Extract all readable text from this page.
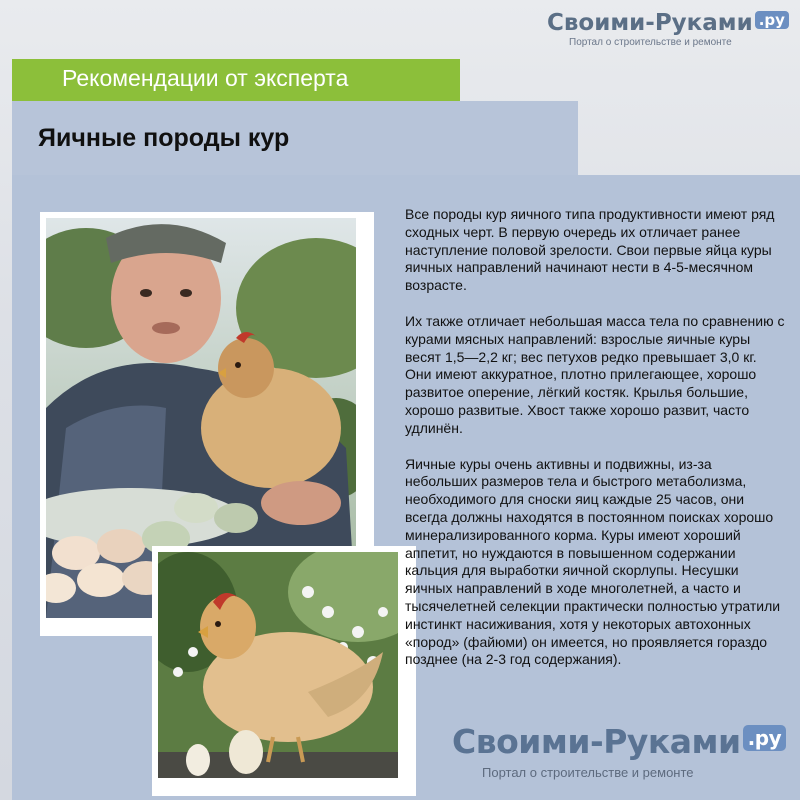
Своими-Руками .ру
Портал о строительстве и ремонте
Рекомендации от эксперта
Яичные породы кур

Все породы кур яичного типа продуктивности имеют ряд сходных черт. В первую очередь их отличает ранее наступление половой зрелости. Свои первые яйца куры яичных направлений начинают нести в 4-5-месячном возрасте.

Их также отличает небольшая масса тела по сравнению с курами мясных направлений: взрослые яичные куры весят 1,5—2,2 кг; вес петухов редко превышает 3,0 кг. Они имеют аккуратное, плотно прилегающее, хорошо развитое оперение, лёгкий костяк. Крылья большие, хорошо развитые. Хвост также хорошо развит, часто удлинён.

Яичные куры очень активны и подвижны, из-за небольших размеров тела и быстрого метаболизма, необходимого для сноски яиц каждые 25 часов, они всегда должны находятся в постоянном поисках хорошо минерализированного корма. Куры имеют хороший аппетит, но нуждаются в повышенном содержании кальция для выработки яичной скорлупы. Несушки яичных направлений в ходе многолетней, а часто и тысячелетней селекции практически полностью утратили инстинкт насиживания, хотя у некоторых автохонных «пород» (файюми) он имеется, но проявляется гораздо позднее (на 2-3 год содержания).

Своими-Руками .ру
Портал о строительстве и ремонте
